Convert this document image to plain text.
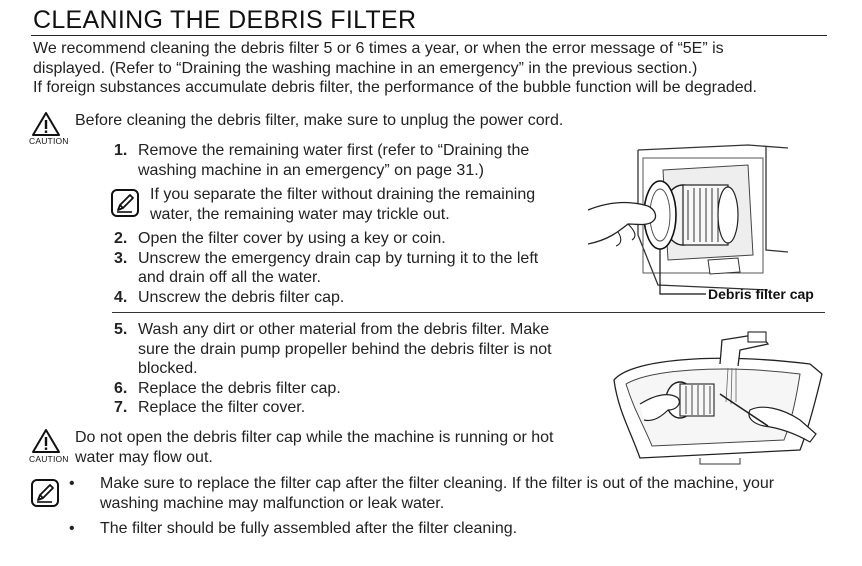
CLEANING THE DEBRIS FILTER
We recommend cleaning the debris filter 5 or 6 times a year, or when the error message of “5E” is
displayed. (Refer to “Draining the washing machine in an emergency” in the previous section.)
If foreign substances accumulate debris filter, the performance of the bubble function will be degraded.
CAUTION
Before cleaning the debris filter, make sure to unplug the power cord.
1. Remove the remaining water first (refer to “Draining the
washing machine in an emergency” on page 31.)
If you separate the filter without draining the remaining
water, the remaining water may trickle out.
2. Open the filter cover by using a key or coin.
3. Unscrew the emergency drain cap by turning it to the left
and drain off all the water.
4. Unscrew the debris filter cap.	Debris filter cap
5. Wash any dirt or other material from the debris filter. Make
sure the drain pump propeller behind the debris filter is not
blocked.
6. Replace the debris filter cap.
7. Replace the filter cover.
CAUTION
Do not open the debris filter cap while the machine is running or hot
water may flow out.
• Make sure to replace the filter cap after the filter cleaning. If the filter is out of the machine, your
washing machine may malfunction or leak water.
• The filter should be fully assembled after the filter cleaning.
